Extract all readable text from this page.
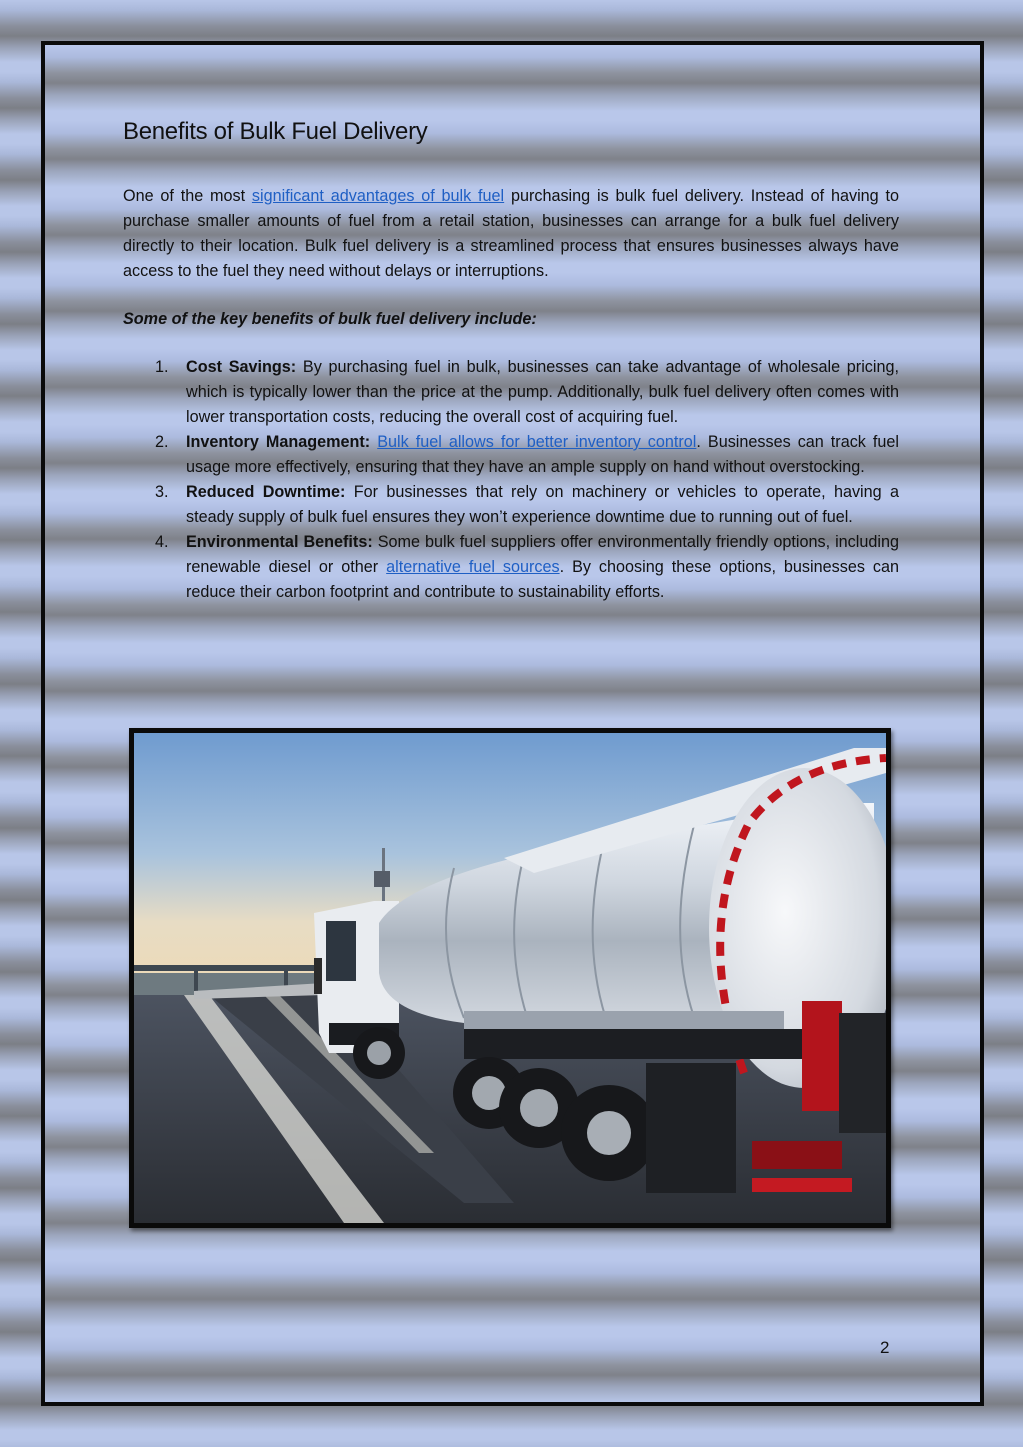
Benefits of Bulk Fuel Delivery

One of the most significant advantages of bulk fuel purchasing is bulk fuel delivery. Instead of having to purchase smaller amounts of fuel from a retail station, businesses can arrange for a bulk fuel delivery directly to their location. Bulk fuel delivery is a streamlined process that ensures businesses always have access to the fuel they need without delays or interruptions.

Some of the key benefits of bulk fuel delivery include:
1. Cost Savings: By purchasing fuel in bulk, businesses can take advantage of wholesale pricing, which is typically lower than the price at the pump. Additionally, bulk fuel delivery often comes with lower transportation costs, reducing the overall cost of acquiring fuel.
2. Inventory Management: Bulk fuel allows for better inventory control. Businesses can track fuel usage more effectively, ensuring that they have an ample supply on hand without overstocking.
3. Reduced Downtime: For businesses that rely on machinery or vehicles to operate, having a steady supply of bulk fuel ensures they won’t experience downtime due to running out of fuel.
4. Environmental Benefits: Some bulk fuel suppliers offer environmentally friendly options, including renewable diesel or other alternative fuel sources. By choosing these options, businesses can reduce their carbon footprint and contribute to sustainability efforts.
2
